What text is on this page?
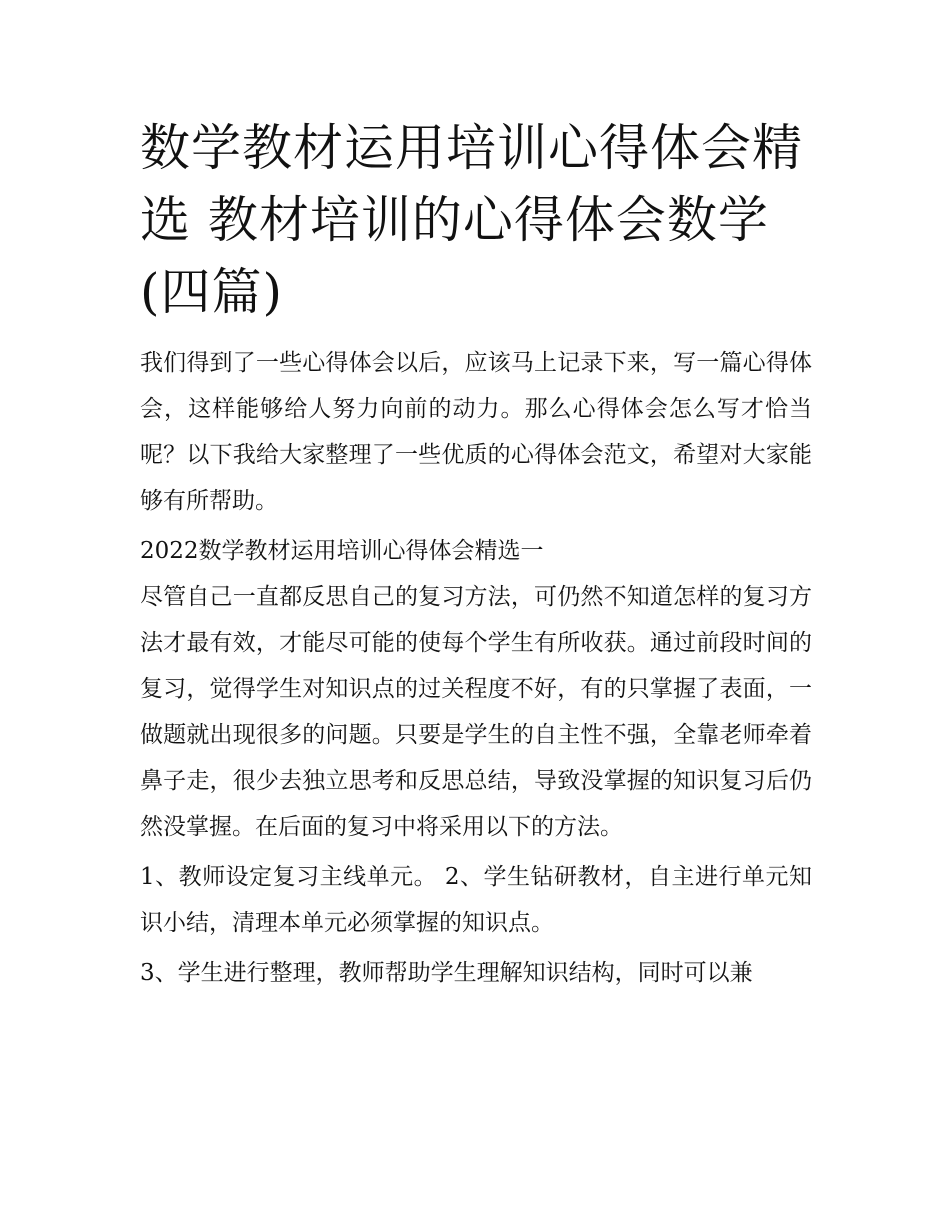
数学教材运用培训心得体会精选 教材培训的心得体会数学(四篇)

我们得到了一些心得体会以后，应该马上记录下来，写一篇心得体会，这样能够给人努力向前的动力。那么心得体会怎么写才恰当呢？以下我给大家整理了一些优质的心得体会范文，希望对大家能够有所帮助。

2022数学教材运用培训心得体会精选一

尽管自己一直都反思自己的复习方法，可仍然不知道怎样的复习方法才最有效，才能尽可能的使每个学生有所收获。通过前段时间的复习，觉得学生对知识点的过关程度不好，有的只掌握了表面，一做题就出现很多的问题。只要是学生的自主性不强，全靠老师牵着鼻子走，很少去独立思考和反思总结，导致没掌握的知识复习后仍然没掌握。在后面的复习中将采用以下的方法。

1、教师设定复习主线单元。 2、学生钻研教材，自主进行单元知识小结，清理本单元必须掌握的知识点。

3、学生进行整理，教师帮助学生理解知识结构，同时可以兼
